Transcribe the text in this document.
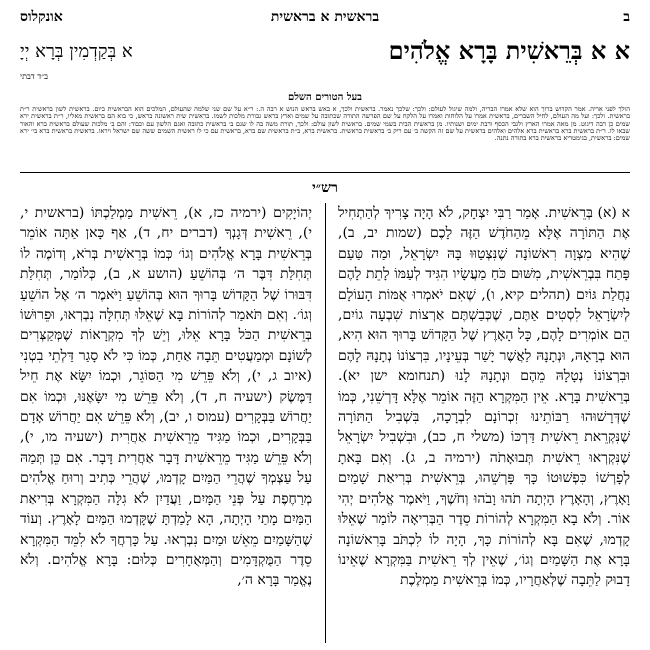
ב
בראשית א בראשית
אונקלוס
א א בְּרֵאשִׁית בָּרָא אֱלֹהִים
א בְּקַדְמִין בְּרָא יְיָ
ב״ד דבתי
בעל הטורים השלם
הולך לפני אריה. אמר הקדוש ברוך הוא שלא אמרו הבריה, ולמה שיגול לעולם: ולכך: שלכך נאמר. בראשית ולכך, א באש בראש הנוש א רבה ה.: ר״א על שם שני שלמה שהעולם, המלכים הוא הבראשית ביום. בראשית לשון בראשית ר״ת בראשית. ולכך: ועל מה העולם, לחיל השברים, בראשית אמרו על הלוחות ואמרו על הלקח על שם הפרשה התורה שכתובה על שמים וארץ בראש גבורת מלכות לשמו. בראשית שית ראשונה בראש, כי בוא הם בראשית מאליו, ר״ת בראשית ירא שמים כן רבה דיגוט. מן מאה אמרו הארץ ולגבי הכסף ורבת ימים ושנותיו. מן בראשית הבית בשמי שמים. בראשית לשון עולם: ולכך, תורת משה בה לו שגם ב׳ בראשית כתובה ואגם הלשון עם וכבוד: והם ב׳ מלכות שעולם בראשית ברא והאור שבאו לו. ר״ת בראשית ברא בראשית ברא אלהים ואלהים בראשית על שם זה הקשה ב׳ עם ריק ב׳ בראשית בראשית. בראשית ברא, ב״ת בראשית שם ברא, בראשית עם כי לו ראשית השמים ששה שם ישראל ויראו. בראשית בראשית ברא בי׳ ירא שמים: בראשית, בגימטריא בראשית ברא בתורה נתנה.
רש״י
א (א) בְּרֵאשִׁית. אָמַר רַבִּי יִצְחָק, לֹא הָיָה צָרִיךְ לְהַתְחִיל אֶת הַתּוֹרָה אֶלָּא מֵהַחֹדֶשׁ הַזֶּה לָכֶם (שמות יב, ב), שֶׁהִיא מִצְוָה רִאשׁוֹנָה שֶׁנִּצְטַוּוּ בָּהּ יִשְׂרָאֵל, וּמַה טַּעַם פָּתַח בִּבְרֵאשִׁית, מִשּׁוּם כֹּחַ מַעֲשָׂיו הִגִּיד לְעַמּוֹ לָתֵת לָהֶם נַחֲלַת גּוֹיִם (תהלים קיא, ו), שֶׁאִם יֹאמְרוּ אֻמּוֹת הָעוֹלָם לְיִשְׂרָאֵל לִסְטִים אַתֶּם, שֶׁכְּבַשְׁתֶּם אַרְצוֹת שִׁבְעָה גוֹיִם, הֵם אוֹמְרִים לָהֶם, כָּל הָאָרֶץ שֶׁל הַקָּדוֹשׁ בָּרוּךְ הוּא הִיא, הוּא בְרָאָהּ, וּנְתָנָהּ לַאֲשֶׁר יָשַׁר בְּעֵינָיו, בִּרְצוֹנוֹ נְתָנָהּ לָהֶם וּבִרְצוֹנוֹ נְטָלָהּ מֵהֶם וּנְתָנָהּ לָנוּ (תנחומא ישן יא). בְּרֵאשִׁית בָּרָא. אֵין הַמִּקְרָא הַזֶּה אוֹמֵר אֶלָּא דָּרְשֵׁנִי, כְּמוֹ שֶׁדְּרָשׁוּהוּ רַבּוֹתֵינוּ זִכְרוֹנָם לִבְרָכָה, בִּשְׁבִיל הַתּוֹרָה שֶׁנִּקְרֵאת רֵאשִׁית דַּרְכּוֹ (משלי ח, כב), וּבִשְׁבִיל יִשְׂרָאֵל שֶׁנִּקְרְאוּ רֵאשִׁית תְּבוּאָתֹה (ירמיה ב, ג). וְאִם בָּאתָ לְפָרְשׁוֹ כִּפְשׁוּטוֹ כָּךְ פָּרְשֵׁהוּ, בְּרֵאשִׁית בְּרִיאַת שָׁמַיִם וָאָרֶץ, וְהָאָרֶץ הָיְתָה תֹהוּ וָבֹהוּ וְחֹשֶׁךְ, וַיֹּאמֶר אֱלֹהִים יְהִי אוֹר. וְלֹא בָא הַמִּקְרָא לְהוֹרוֹת סֵדֶר הַבְּרִיאָה לוֹמַר שֶׁאֵלּוּ קָדְמוּ, שֶׁאִם בָּא לְהוֹרוֹת כָּךְ, הָיָה לוֹ לִכְתֹּב בָּרִאשׁוֹנָה בָּרָא אֶת הַשָּׁמַיִם וְגוֹ׳, שֶׁאֵין לְךָ רֵאשִׁית בַּמִּקְרָא שֶׁאֵינוֹ דָבוּק לַתֵּבָה שֶׁלְּאַחֲרָיו, כְּמוֹ בְּרֵאשִׁית מַמְלֶכֶת
יְהוֹיָקִים (ירמיה כז, א), רֵאשִׁית מַמְלַכְתּוֹ (בראשית י, י), רֵאשִׁית דְּגָנְךָ (דברים יח, ד), אַף כָּאן אַתָּה אוֹמֵר בְּרֵאשִׁית בָּרָא אֱלֹהִים וְגוֹ׳ כְּמוֹ בְּרֵאשִׁית בְּרֹא, וְדוֹמֶה לוֹ תְּחִלַּת דִּבֶּר ה׳ בְּהוֹשֵׁעַ (הושע א, ב), כְּלוֹמַר, תְּחִלַּת דִּבּוּרוֹ שֶׁל הַקָּדוֹשׁ בָּרוּךְ הוּא בְּהוֹשֵׁעַ וַיֹּאמֶר ה׳ אֶל הוֹשֵׁעַ וְגוֹ׳. וְאִם תֹּאמַר לְהוֹרוֹת בָּא שֶׁאֵלּוּ תְּחִלָּה נִבְרְאוּ, וּפֵרוּשׁוֹ בְּרֵאשִׁית הַכֹּל בָּרָא אֵלּוּ, וְיֵשׁ לְךָ מִקְרָאוֹת שֶׁמְּקַצְּרִים לְשׁוֹנָם וּמְמַעֲטִים תֵּבָה אַחַת, כְּמוֹ כִּי לֹא סָגַר דַּלְתֵי בִטְנִי (איוב ג, י), וְלֹא פֵּרֵשׁ מִי הַסּוֹגֵר, וּכְמוֹ יִשָּׂא אֶת חֵיל דַּמֶּשֶׂק (ישעיה ח, ד), וְלֹא פֵּרֵשׁ מִי יִשָּׂאֶנּוּ, וּכְמוֹ אִם יַחֲרוֹשׁ בַּבְּקָרִים (עמוס ו, יב), וְלֹא פֵּרֵשׁ אִם יַחֲרוֹשׁ אָדָם בַּבְּקָרִים, וּכְמוֹ מַגִּיד מֵרֵאשִׁית אַחֲרִית (ישעיה מו, י), וְלֹא פֵּרֵשׁ מַגִּיד מֵרֵאשִׁית דָּבָר אַחֲרִית דָּבָר. אִם כֵּן תְּמַהּ עַל עַצְמְךָ שֶׁהֲרֵי הַמַּיִם קָדְמוּ, שֶׁהֲרֵי כְּתִיב וְרוּחַ אֱלֹהִים מְרַחֶפֶת עַל פְּנֵי הַמָּיִם, וַעֲדַיִן לֹא גִלָּה הַמִּקְרָא בְּרִיאַת הַמַּיִם מָתַי הָיְתָה, הָא לָמַדְתָּ שֶׁקָּדְמוּ הַמַּיִם לָאָרֶץ. וְעוֹד שֶׁהַשָּׁמַיִם מֵאֵשׁ וּמַיִם נִבְרְאוּ. עַל כָּרְחֲךָ לֹא לִמֵּד הַמִּקְרָא סֵדֶר הַמֻּקְדָּמִים וְהַמְּאֻחָרִים כְּלוּם: בָּרָא אֱלֹהִים. וְלֹא נֶאֱמַר בָּרָא ה׳,
